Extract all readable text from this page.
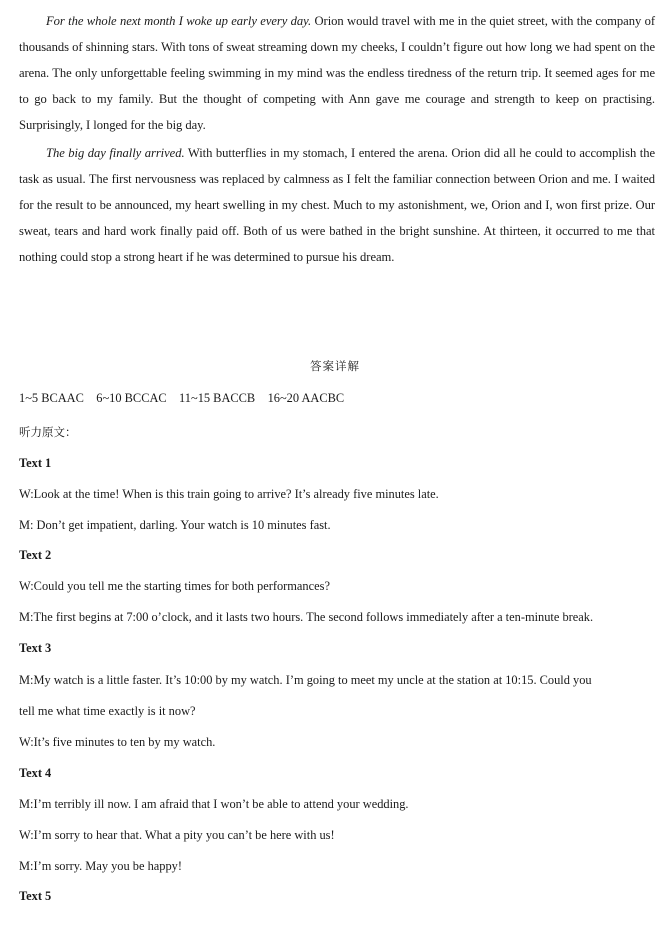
For the whole next month I woke up early every day. Orion would travel with me in the quiet street, with the company of thousands of shinning stars. With tons of sweat streaming down my cheeks, I couldn’t figure out how long we had spent on the arena. The only unforgettable feeling swimming in my mind was the endless tiredness of the return trip. It seemed ages for me to go back to my family. But the thought of competing with Ann gave me courage and strength to keep on practising. Surprisingly, I longed for the big day.

The big day finally arrived. With butterflies in my stomach, I entered the arena. Orion did all he could to accomplish the task as usual. The first nervousness was replaced by calmness as I felt the familiar connection between Orion and me. I waited for the result to be announced, my heart swelling in my chest. Much to my astonishment, we, Orion and I, won first prize. Our sweat, tears and hard work finally paid off. Both of us were bathed in the bright sunshine. At thirteen, it occurred to me that nothing could stop a strong heart if he was determined to pursue his dream.

答案详解

1~5 BCAAC    6~10 BCCAC    11~15 BACCB    16~20 AACBC

听力原文：

Text 1

W:Look at the time! When is this train going to arrive? It’s already five minutes late.

M: Don’t get impatient, darling. Your watch is 10 minutes fast.

Text 2

W:Could you tell me the starting times for both performances?

M:The first begins at 7:00 o’clock, and it lasts two hours. The second follows immediately after a ten-minute break.

Text 3

M:My watch is a little faster. It’s 10:00 by my watch. I’m going to meet my uncle at the station at 10:15. Could you

tell me what time exactly is it now?

W:It’s five minutes to ten by my watch.

Text 4

M:I’m terribly ill now. I am afraid that I won’t be able to attend your wedding.

W:I’m sorry to hear that. What a pity you can’t be here with us!

M:I’m sorry. May you be happy!

Text 5
